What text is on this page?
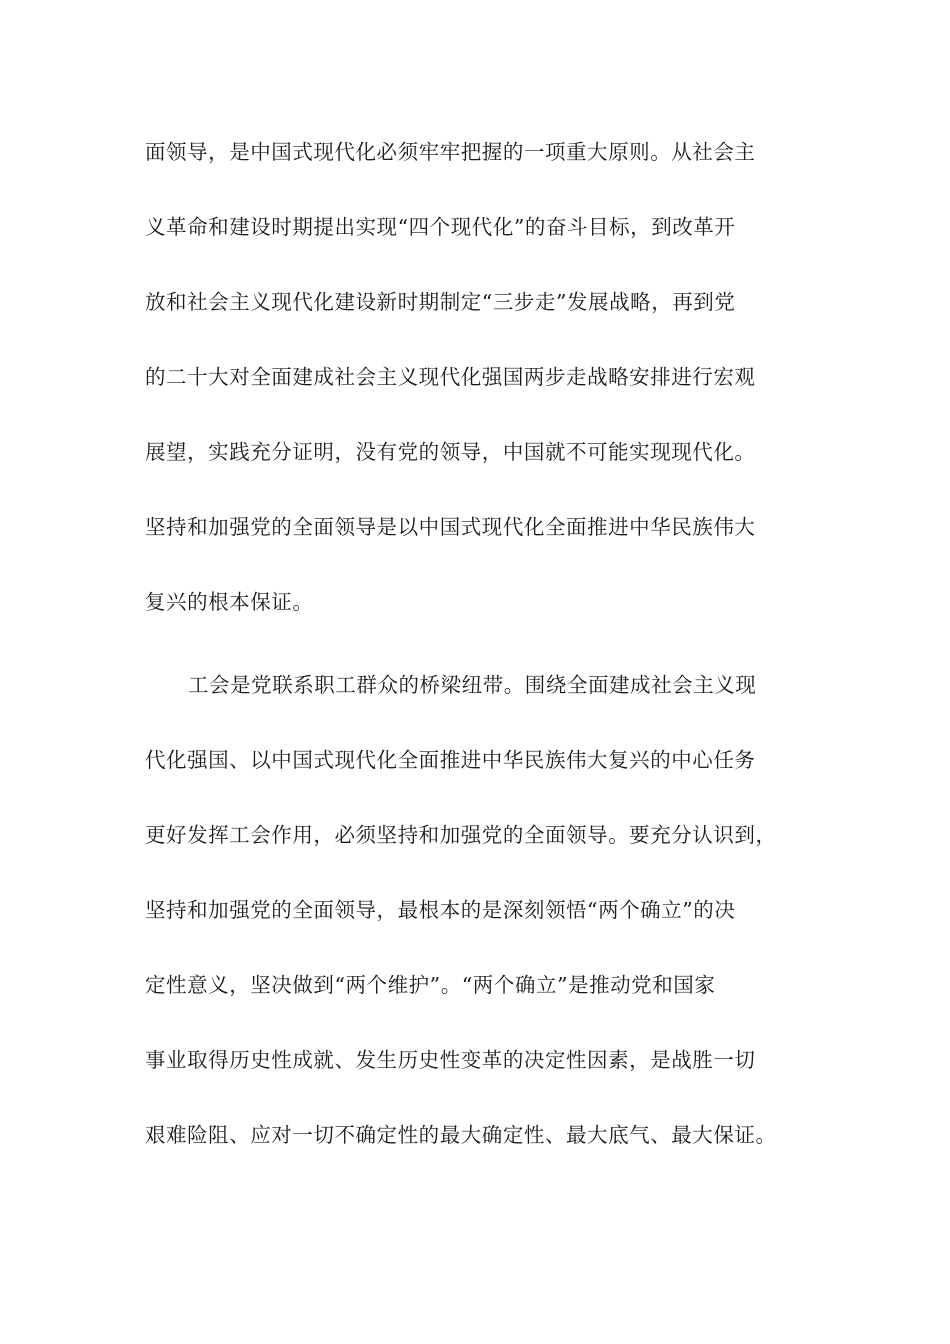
面领导，是中国式现代化必须牢牢把握的一项重大原则。从社会主
义革命和建设时期提出实现“四个现代化”的奋斗目标，到改革开
放和社会主义现代化建设新时期制定“三步走”发展战略，再到党
的二十大对全面建成社会主义现代化强国两步走战略安排进行宏观
展望，实践充分证明，没有党的领导，中国就不可能实现现代化。
坚持和加强党的全面领导是以中国式现代化全面推进中华民族伟大
复兴的根本保证。
工会是党联系职工群众的桥梁纽带。围绕全面建成社会主义现
代化强国、以中国式现代化全面推进中华民族伟大复兴的中心任务
更好发挥工会作用，必须坚持和加强党的全面领导。要充分认识到，
坚持和加强党的全面领导，最根本的是深刻领悟“两个确立”的决
定性意义，坚决做到“两个维护”。“两个确立”是推动党和国家
事业取得历史性成就、发生历史性变革的决定性因素，是战胜一切
艰难险阻、应对一切不确定性的最大确定性、最大底气、最大保证。
